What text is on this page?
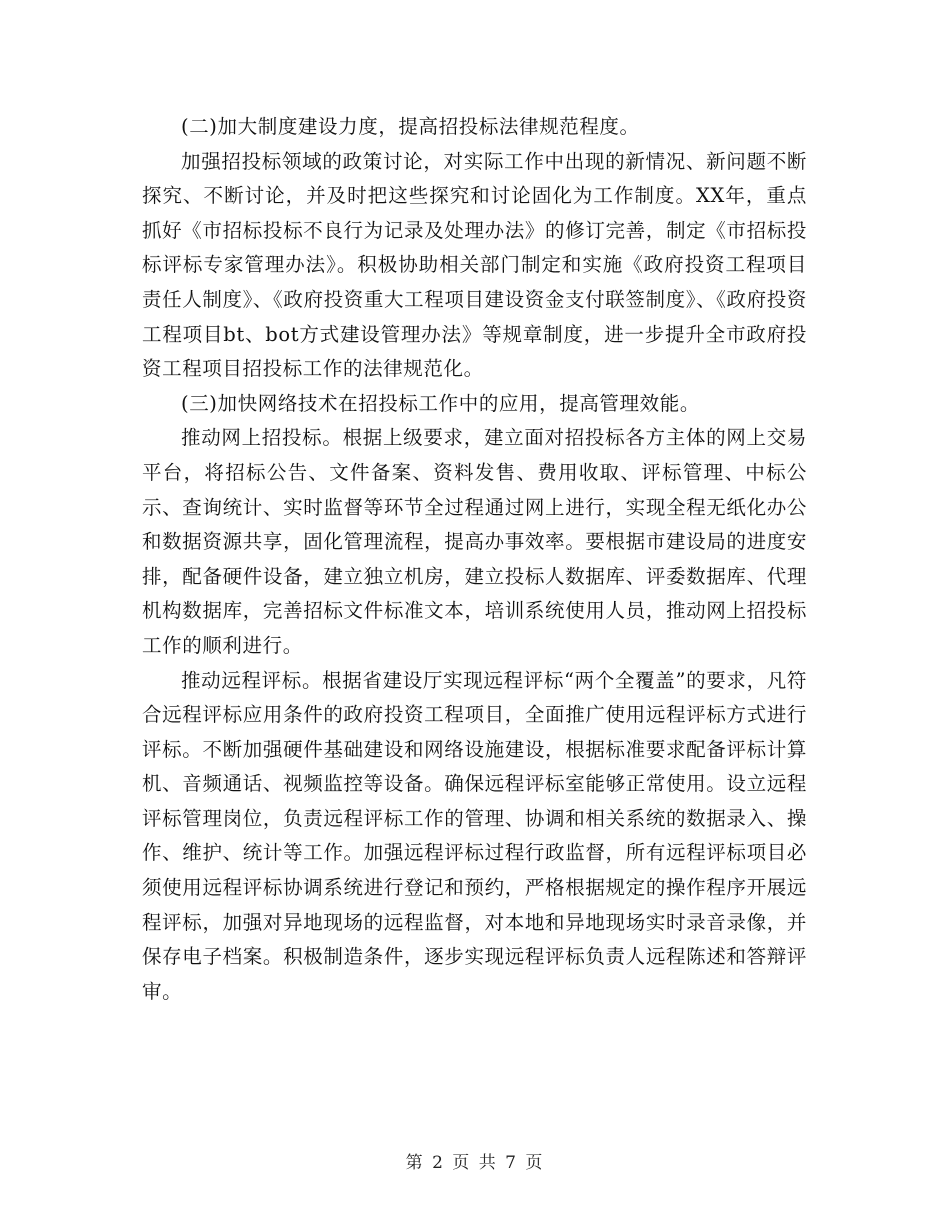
(二)加大制度建设力度，提高招投标法律规范程度。

加强招投标领域的政策讨论，对实际工作中出现的新情况、新问题不断探究、不断讨论，并及时把这些探究和讨论固化为工作制度。XX年，重点抓好《市招标投标不良行为记录及处理办法》的修订完善，制定《市招标投标评标专家管理办法》。积极协助相关部门制定和实施《政府投资工程项目责任人制度》、《政府投资重大工程项目建设资金支付联签制度》、《政府投资工程项目bt、bot方式建设管理办法》等规章制度，进一步提升全市政府投资工程项目招投标工作的法律规范化。

(三)加快网络技术在招投标工作中的应用，提高管理效能。

推动网上招投标。根据上级要求，建立面对招投标各方主体的网上交易平台，将招标公告、文件备案、资料发售、费用收取、评标管理、中标公示、查询统计、实时监督等环节全过程通过网上进行，实现全程无纸化办公和数据资源共享，固化管理流程，提高办事效率。要根据市建设局的进度安排，配备硬件设备，建立独立机房，建立投标人数据库、评委数据库、代理机构数据库，完善招标文件标准文本，培训系统使用人员，推动网上招投标工作的顺利进行。

推动远程评标。根据省建设厅实现远程评标“两个全覆盖”的要求，凡符合远程评标应用条件的政府投资工程项目，全面推广使用远程评标方式进行评标。不断加强硬件基础建设和网络设施建设，根据标准要求配备评标计算机、音频通话、视频监控等设备。确保远程评标室能够正常使用。设立远程评标管理岗位，负责远程评标工作的管理、协调和相关系统的数据录入、操作、维护、统计等工作。加强远程评标过程行政监督，所有远程评标项目必须使用远程评标协调系统进行登记和预约，严格根据规定的操作程序开展远程评标，加强对异地现场的远程监督，对本地和异地现场实时录音录像，并保存电子档案。积极制造条件，逐步实现远程评标负责人远程陈述和答辩评审。

第 2 页 共 7 页
